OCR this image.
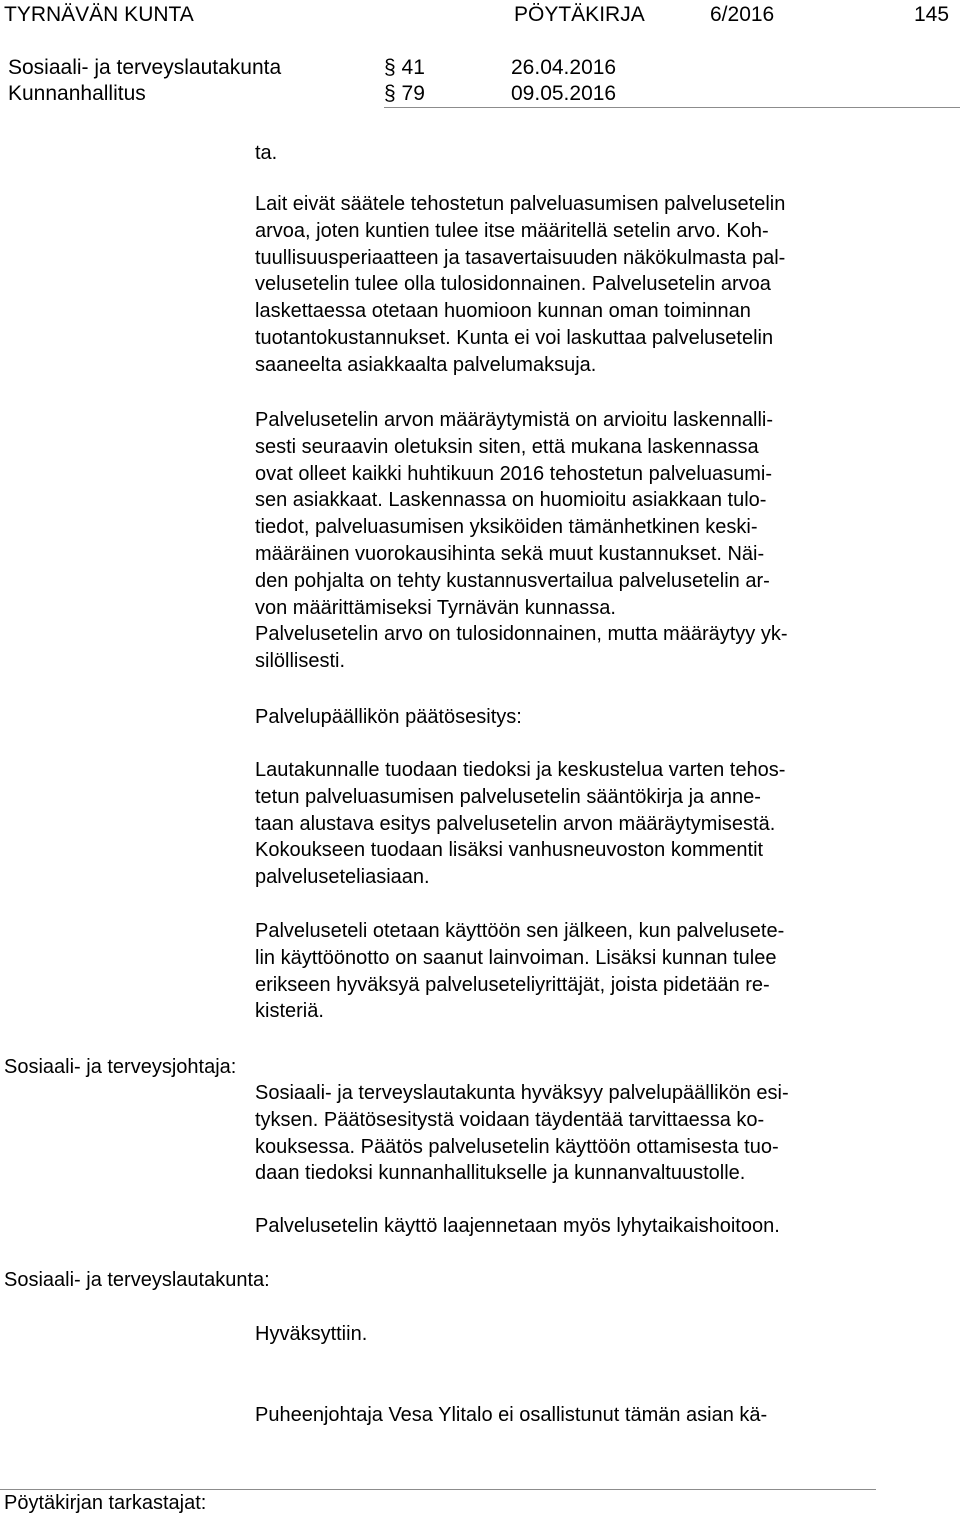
TYRNÄVÄN KUNTA	PÖYTÄKIRJA	6/2016	145
Sosiaali- ja terveyslautakunta	§ 41	26.04.2016
Kunnanhallitus	§ 79	09.05.2016
ta.
Lait eivät säätele tehostetun palveluasumisen palvelusetelin
arvoa, joten kuntien tulee itse määritellä setelin arvo. Koh-
tuullisuusperiaatteen ja tasavertaisuuden näkökulmasta pal-
velusetelin tulee olla tulosidonnainen. Palvelusetelin arvoa
laskettaessa otetaan huomioon kunnan oman toiminnan
tuotantokustannukset. Kunta ei voi laskuttaa palvelusetelin
saaneelta asiakkaalta palvelumaksuja.
Palvelusetelin arvon määräytymistä on arvioitu laskennalli-
sesti seuraavin oletuksin siten, että mukana laskennassa
ovat olleet kaikki huhtikuun 2016 tehostetun palveluasumi-
sen asiakkaat. Laskennassa on huomioitu asiakkaan tulo-
tiedot, palveluasumisen yksiköiden tämänhetkinen keski-
määräinen vuorokausihinta sekä muut kustannukset. Näi-
den pohjalta on tehty kustannusvertailua palvelusetelin ar-
von määrittämiseksi Tyrnävän kunnassa.
Palvelusetelin arvo on tulosidonnainen, mutta määräytyy yk-
silöllisesti.
Palvelupäällikön päätösesitys:
Lautakunnalle tuodaan tiedoksi ja keskustelua varten tehos-
tetun palveluasumisen palvelusetelin sääntökirja ja anne-
taan alustava esitys palvelusetelin arvon määräytymisestä.
Kokoukseen tuodaan lisäksi vanhusneuvoston kommentit
palveluseteliasiaan.
Palveluseteli otetaan käyttöön sen jälkeen, kun palvelusete-
lin käyttöönotto on saanut lainvoiman. Lisäksi kunnan tulee
erikseen hyväksyä palveluseteliyrittäjät, joista pidetään re-
kisteriä.
Sosiaali- ja terveysjohtaja:
Sosiaali- ja terveyslautakunta hyväksyy palvelupäällikön esi-
tyksen. Päätösesitystä voidaan täydentää tarvittaessa ko-
kouksessa. Päätös palvelusetelin käyttöön ottamisesta tuo-
daan tiedoksi kunnanhallitukselle ja kunnanvaltuustolle.
Palvelusetelin käyttö laajennetaan myös lyhytaikaishoitoon.
Sosiaali- ja terveyslautakunta:
Hyväksyttiin.
Puheenjohtaja Vesa Ylitalo ei osallistunut tämän asian kä-
Pöytäkirjan tarkastajat:
